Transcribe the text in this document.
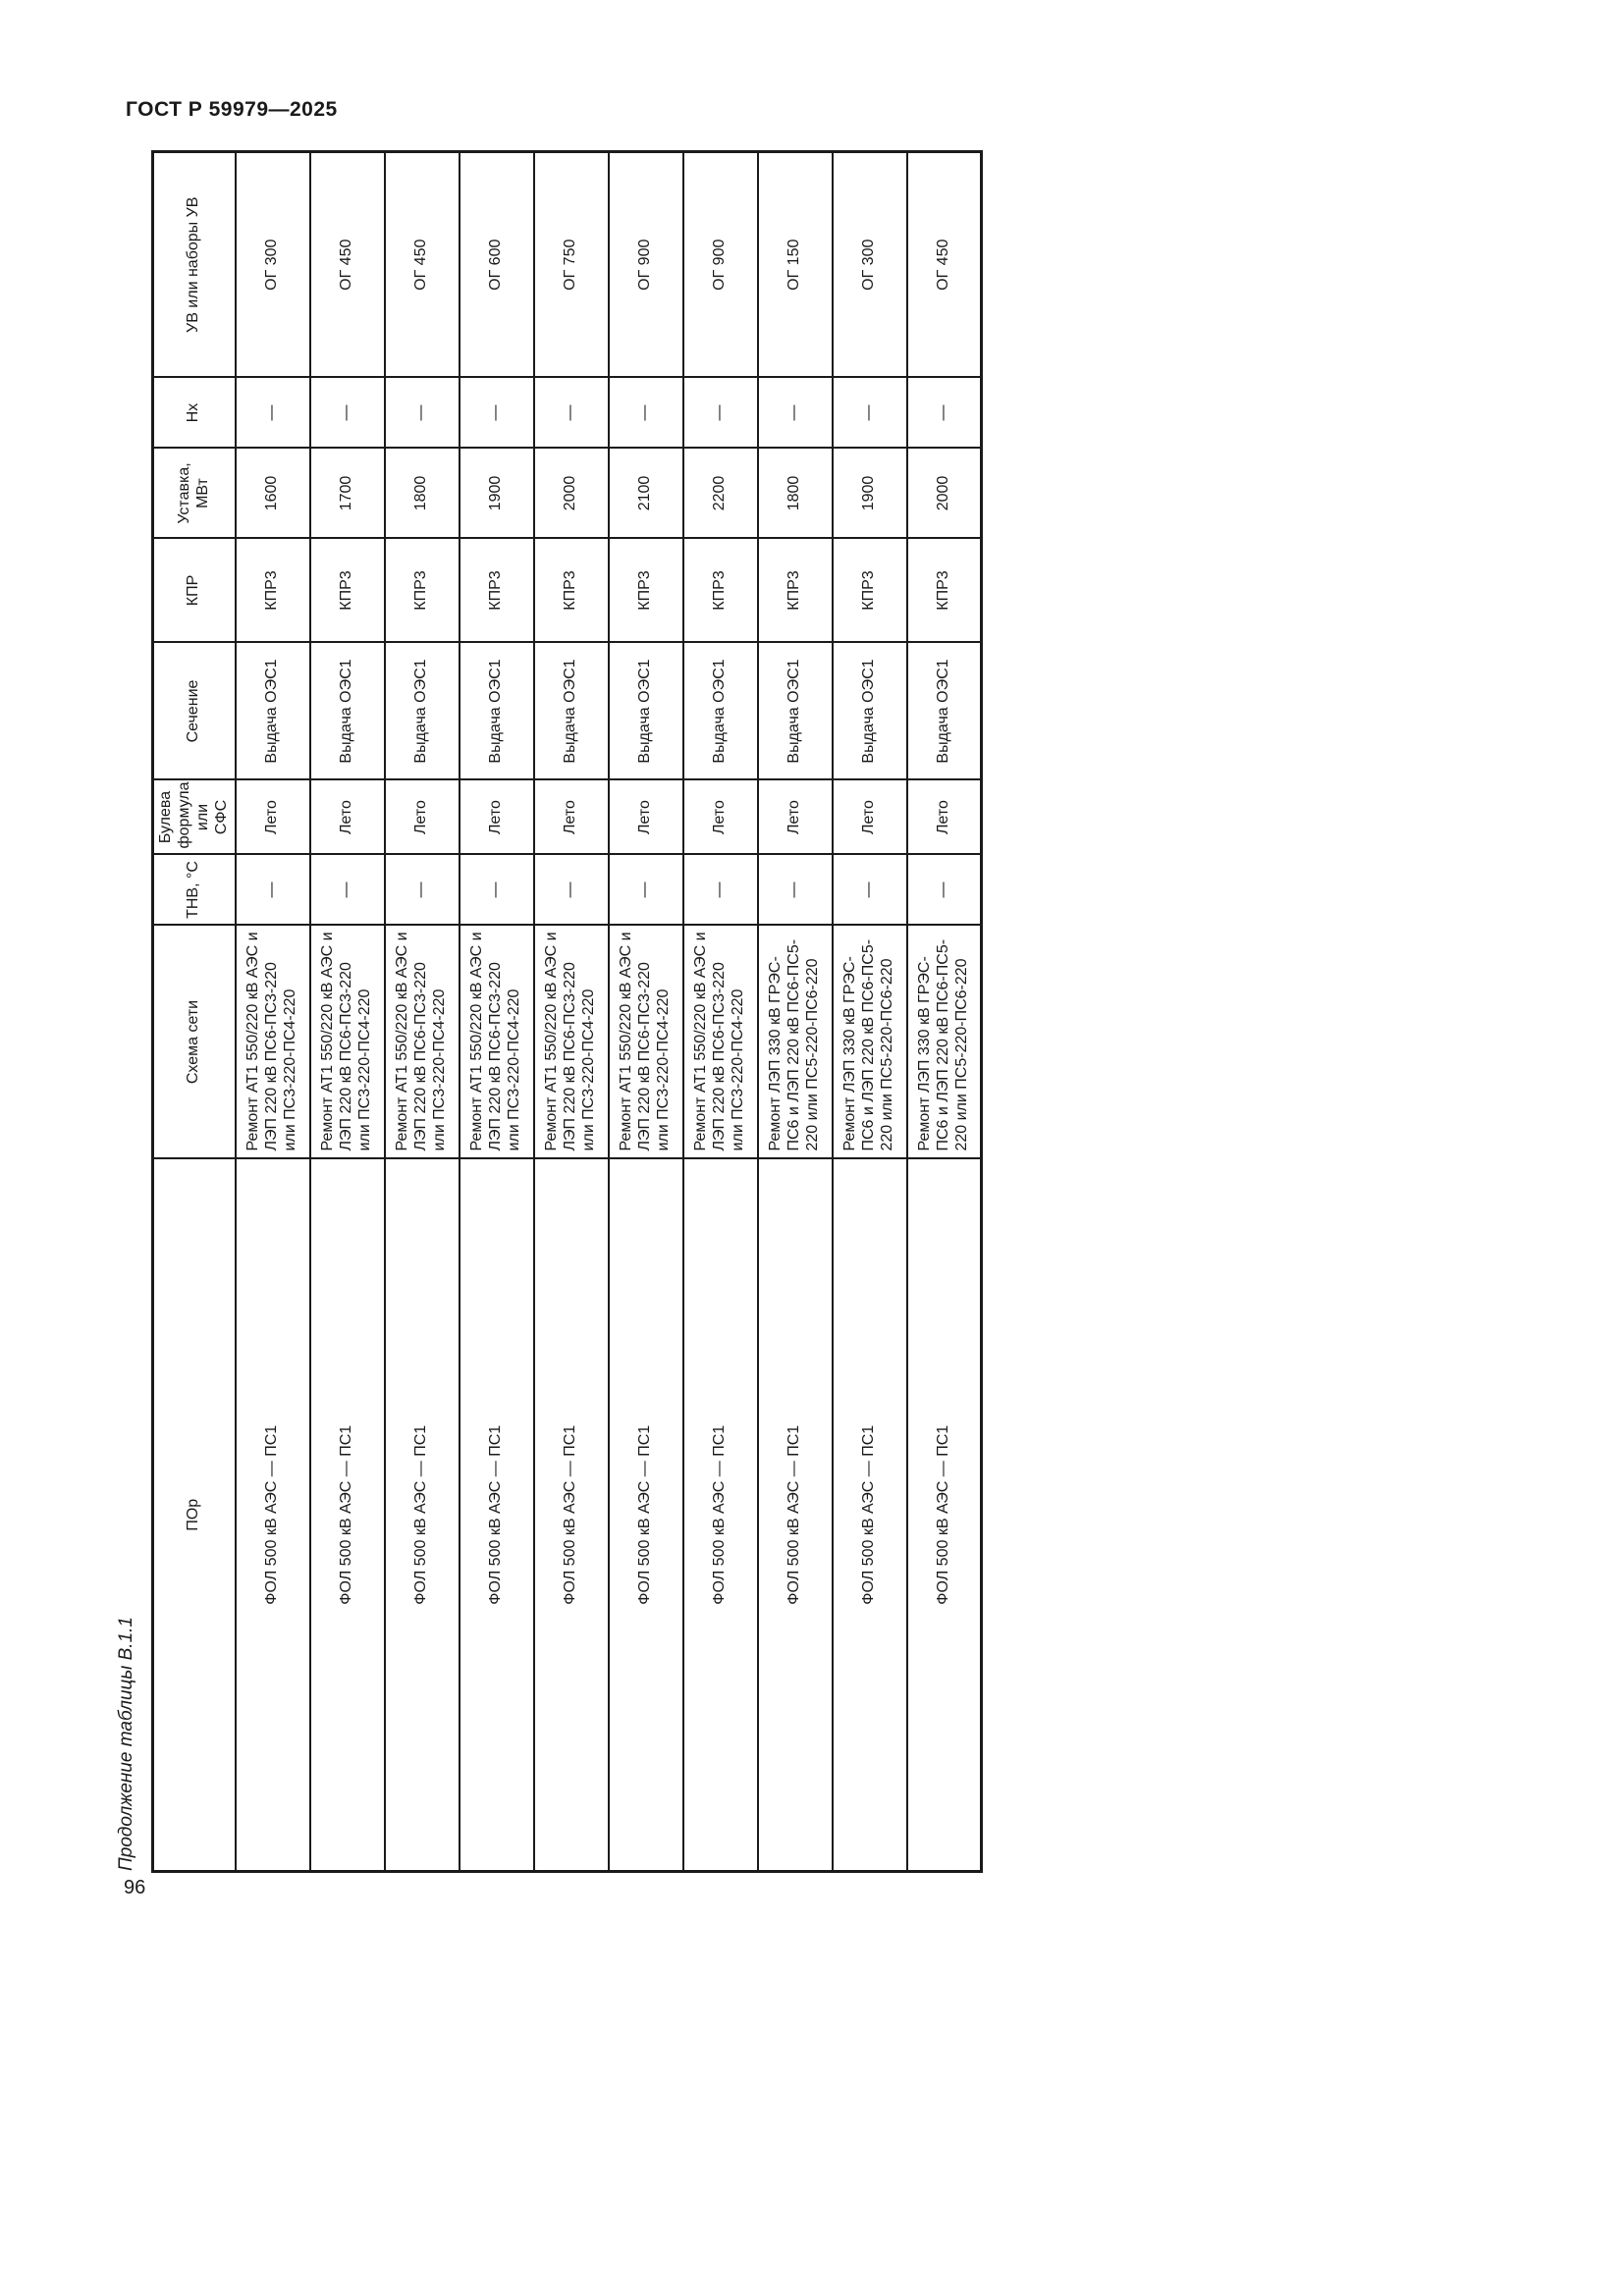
ГОСТ Р 59979—2025
Продолжение таблицы В.1.1
ПОр	Схема сети	ТНВ, °С	Булева формула или СФС	Сечение	КПР	Уставка, МВт	Нх	УВ или наборы УВ
ФОЛ 500 кВ АЭС — ПС1	Ремонт АТ1 550/220 кВ АЭС и ЛЭП 220 кВ ПС6-ПС3-220 или ПС3-220-ПС4-220	—	Лето	Выдача ОЭС1	КПР3	1600	—	ОГ 300
ФОЛ 500 кВ АЭС — ПС1	Ремонт АТ1 550/220 кВ АЭС и ЛЭП 220 кВ ПС6-ПС3-220 или ПС3-220-ПС4-220	—	Лето	Выдача ОЭС1	КПР3	1700	—	ОГ 450
ФОЛ 500 кВ АЭС — ПС1	Ремонт АТ1 550/220 кВ АЭС и ЛЭП 220 кВ ПС6-ПС3-220 или ПС3-220-ПС4-220	—	Лето	Выдача ОЭС1	КПР3	1800	—	ОГ 450
ФОЛ 500 кВ АЭС — ПС1	Ремонт АТ1 550/220 кВ АЭС и ЛЭП 220 кВ ПС6-ПС3-220 или ПС3-220-ПС4-220	—	Лето	Выдача ОЭС1	КПР3	1900	—	ОГ 600
ФОЛ 500 кВ АЭС — ПС1	Ремонт АТ1 550/220 кВ АЭС и ЛЭП 220 кВ ПС6-ПС3-220 или ПС3-220-ПС4-220	—	Лето	Выдача ОЭС1	КПР3	2000	—	ОГ 750
ФОЛ 500 кВ АЭС — ПС1	Ремонт АТ1 550/220 кВ АЭС и ЛЭП 220 кВ ПС6-ПС3-220 или ПС3-220-ПС4-220	—	Лето	Выдача ОЭС1	КПР3	2100	—	ОГ 900
ФОЛ 500 кВ АЭС — ПС1	Ремонт АТ1 550/220 кВ АЭС и ЛЭП 220 кВ ПС6-ПС3-220 или ПС3-220-ПС4-220	—	Лето	Выдача ОЭС1	КПР3	2200	—	ОГ 900
ФОЛ 500 кВ АЭС — ПС1	Ремонт ЛЭП 330 кВ ГРЭС-ПС6 и ЛЭП 220 кВ ПС6-ПС5-220 или ПС5-220-ПС6-220	—	Лето	Выдача ОЭС1	КПР3	1800	—	ОГ 150
ФОЛ 500 кВ АЭС — ПС1	Ремонт ЛЭП 330 кВ ГРЭС-ПС6 и ЛЭП 220 кВ ПС6-ПС5-220 или ПС5-220-ПС6-220	—	Лето	Выдача ОЭС1	КПР3	1900	—	ОГ 300
ФОЛ 500 кВ АЭС — ПС1	Ремонт ЛЭП 330 кВ ГРЭС-ПС6 и ЛЭП 220 кВ ПС6-ПС5-220 или ПС5-220-ПС6-220	—	Лето	Выдача ОЭС1	КПР3	2000	—	ОГ 450
96
